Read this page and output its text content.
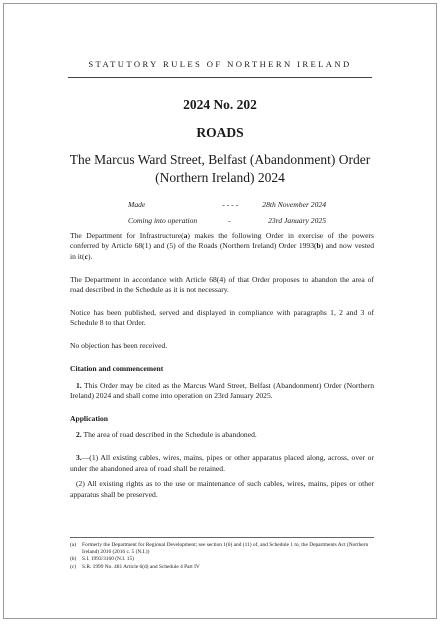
STATUTORY RULES OF NORTHERN IRELAND
2024 No. 202
ROADS
The Marcus Ward Street, Belfast (Abandonment) Order (Northern Ireland) 2024
Made	- - - -	28th November 2024
Coming into operation	-	23rd January 2025

The Department for Infrastructure(a) makes the following Order in exercise of the powers conferred by Article 68(1) and (5) of the Roads (Northern Ireland) Order 1993(b) and now vested in it(c).

The Department in accordance with Article 68(4) of that Order proposes to abandon the area of road described in the Schedule as it is not necessary.

Notice has been published, served and displayed in compliance with paragraphs 1, 2 and 3 of Schedule 8 to that Order.

No objection has been received.

Citation and commencement

1. This Order may be cited as the Marcus Ward Street, Belfast (Abandonment) Order (Northern Ireland) 2024 and shall come into operation on 23rd January 2025.

Application

2. The area of road described in the Schedule is abandoned.

3.—(1) All existing cables, wires, mains, pipes or other apparatus placed along, across, over or under the abandoned area of road shall be retained.

(2) All existing rights as to the use or maintenance of such cables, wires, mains, pipes or other apparatus shall be preserved.

(a)	Formerly the Department for Regional Development; see section 1(6) and (11) of, and Schedule 1 to, the Departments Act (Northern Ireland) 2016 (2016 c. 5 (N.I.))
(b)	S.I. 1993/3160 (N.I. 15)
(c)	S.R. 1999 No. 481 Article 6(d) and Schedule 4 Part IV
